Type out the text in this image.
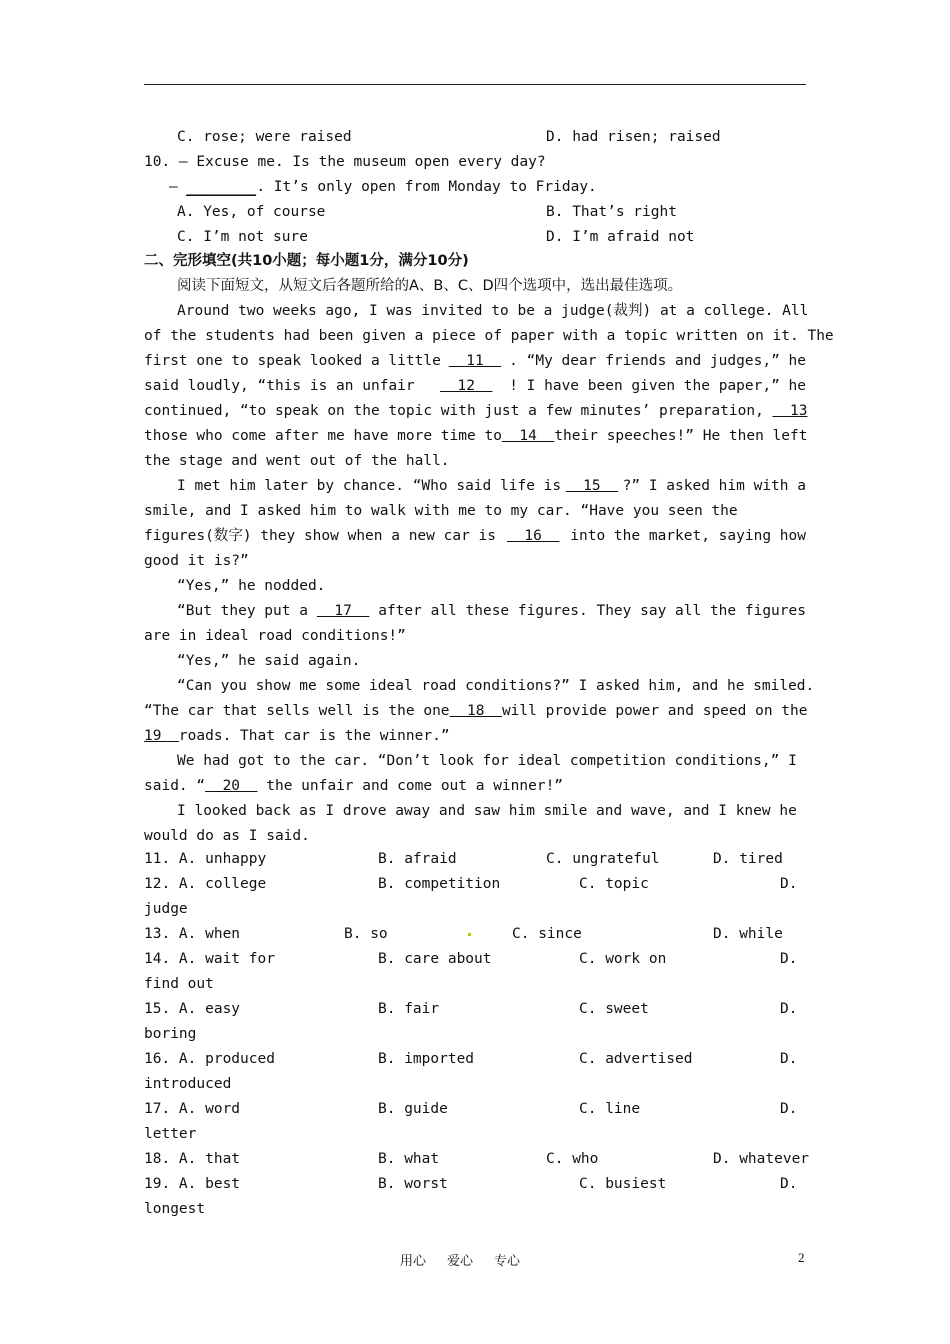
C. rose; were raised	D. had risen; raised
10. — Excuse me. Is the museum open every day?
— ________. It’s only open from Monday to Friday.
A. Yes, of course	B. That’s right
C. I’m not sure	D. I’m afraid not
二、完形填空(共10小题；每小题1分，满分10分)
阅读下面短文，从短文后各题所给的A、B、C、D四个选项中，选出最佳选项。
Around two weeks ago, I was invited to be a judge(裁判) at a college. All
of the students had been given a piece of paper with a topic written on it. The
first one to speak looked a little 11 . “My dear friends and judges,” he
said loudly, “this is an unfair 12 ! I have been given the paper,” he
continued, “to speak on the topic with just a few minutes’ preparation, 13
those who come after me have more time to 14 their speeches!” He then left
the stage and went out of the hall.
I met him later by chance. “Who said life is 15 ?” I asked him with a
smile, and I asked him to walk with me to my car. “Have you seen the
figures(数字) they show when a new car is 16 into the market, saying how
good it is?”
“Yes,” he nodded.
“But they put a 17 after all these figures. They say all the figures
are in ideal road conditions!”
“Yes,” he said again.
“Can you show me some ideal road conditions?” I asked him, and he smiled.
“The car that sells well is the one 18 will provide power and speed on the
19  roads. That car is the winner.”
We had got to the car. “Don’t look for ideal competition conditions,” I
said. “  20   the unfair and come out a winner!”
I looked back as I drove away and saw him smile and wave, and I knew he
would do as I said.
11. A. unhappy	B. afraid	C. ungrateful	D. tired
12. A. college	B. competition	C. topic	D.
judge
13. A. when	B. so	C. since	D. while
14. A. wait for	B. care about	C. work on	D.
find out
15. A. easy	B. fair	C. sweet	D.
boring
16. A. produced	B. imported	C. advertised	D.
introduced
17. A. word	B. guide	C. line	D.
letter
18. A. that	B. what	C. who	D. whatever
19. A. best	B. worst	C. busiest	D.
longest
用心 爱心 专心	2
